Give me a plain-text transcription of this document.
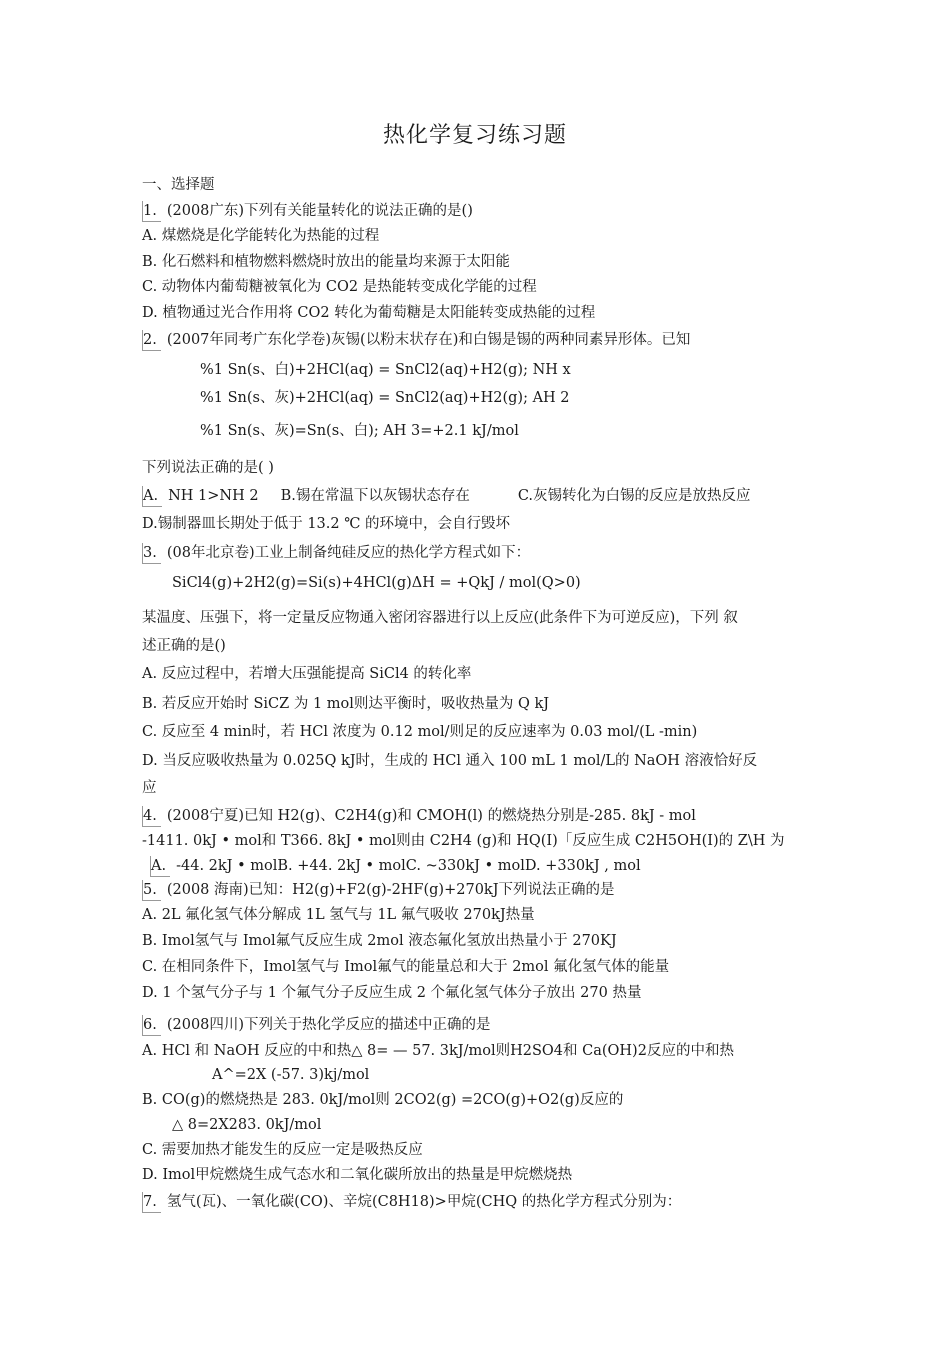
热化学复习练习题
一、选择题
1. (2008广东)下列有关能量转化的说法正确的是()
A. 煤燃烧是化学能转化为热能的过程
B. 化石燃料和植物燃料燃烧时放出的能量均来源于太阳能
C. 动物体内葡萄糖被氧化为 CO2 是热能转变成化学能的过程
D. 植物通过光合作用将 CO2 转化为葡萄糖是太阳能转变成热能的过程
2. (2007年同考广东化学卷)灰锡(以粉末状存在)和白锡是锡的两种同素异形体。已知
%1 Sn(s、白)+2HCl(aq) = SnCl2(aq)+H2(g); NH x
%1 Sn(s、灰)+2HCl(aq) = SnCl2(aq)+H2(g); AH 2
%1 Sn(s、灰)=Sn(s、白); AH 3=+2.1 kJ/mol
下列说法正确的是( )
A. NH 1>NH 2 B.锡在常温下以灰锡状态存在	C.灰锡转化为白锡的反应是放热反应
D.锡制器皿长期处于低于 13.2 ℃ 的环境中，会自行毁坏
3. (08年北京卷)工业上制备纯硅反应的热化学方程式如下：
SiCl4(g)+2H2(g)=Si(s)+4HCl(g)ΔH = +QkJ / mol(Q>0)
某温度、压强下，将一定量反应物通入密闭容器进行以上反应(此条件下为可逆反应)，下列 叙
述正确的是()
A. 反应过程中，若增大压强能提高 SiCl4 的转化率
B. 若反应开始时 SiCZ 为 1 mol则达平衡时，吸收热量为 Q kJ
C. 反应至 4 min时，若 HCl 浓度为 0.12 mol/则足的反应速率为 0.03 mol/(L -min)
D. 当反应吸收热量为 0.025Q kJ时，生成的 HCl 通入 100 mL 1 mol/L的 NaOH 溶液恰好反
应
4. (2008宁夏)已知 H2(g)、C2H4(g)和 CMOH(l) 的燃烧热分别是-285. 8kJ - mol
-1411. 0kJ • mol和 T366. 8kJ • mol则由 C2H4 (g)和 HQ(I)「反应生成 C2H5OH(I)的 Z\H 为
A. -44. 2kJ • molB. +44. 2kJ • molC. ~330kJ • molD. +330kJ , mol
5. (2008 海南)已知：H2(g)+F2(g)-2HF(g)+270kJ下列说法正确的是
A. 2L 氟化氢气体分解成 1L 氢气与 1L 氟气吸收 270kJ热量
B. Imol氢气与 Imol氟气反应生成 2mol 液态氟化氢放出热量小于 270KJ
C. 在相同条件下，Imol氢气与 Imol氟气的能量总和大于 2mol 氟化氢气体的能量
D. 1 个氢气分子与 1 个氟气分子反应生成 2 个氟化氢气体分子放出 270 热量
6. (2008四川)下列关于热化学反应的描述中正确的是
A. HCl 和 NaOH 反应的中和热△ 8= — 57. 3kJ/mol则H2SO4和 Ca(OH)2反应的中和热
A^=2X (-57. 3)kj/mol
B. CO(g)的燃烧热是 283. 0kJ/mol则 2CO2(g) =2CO(g)+O2(g)反应的
△ 8=2X283. 0kJ/mol
C. 需要加热才能发生的反应一定是吸热反应
D. Imol甲烷燃烧生成气态水和二氧化碳所放出的热量是甲烷燃烧热
7. 氢气(瓦)、一氧化碳(CO)、辛烷(C8H18)>甲烷(CHQ 的热化学方程式分别为：
